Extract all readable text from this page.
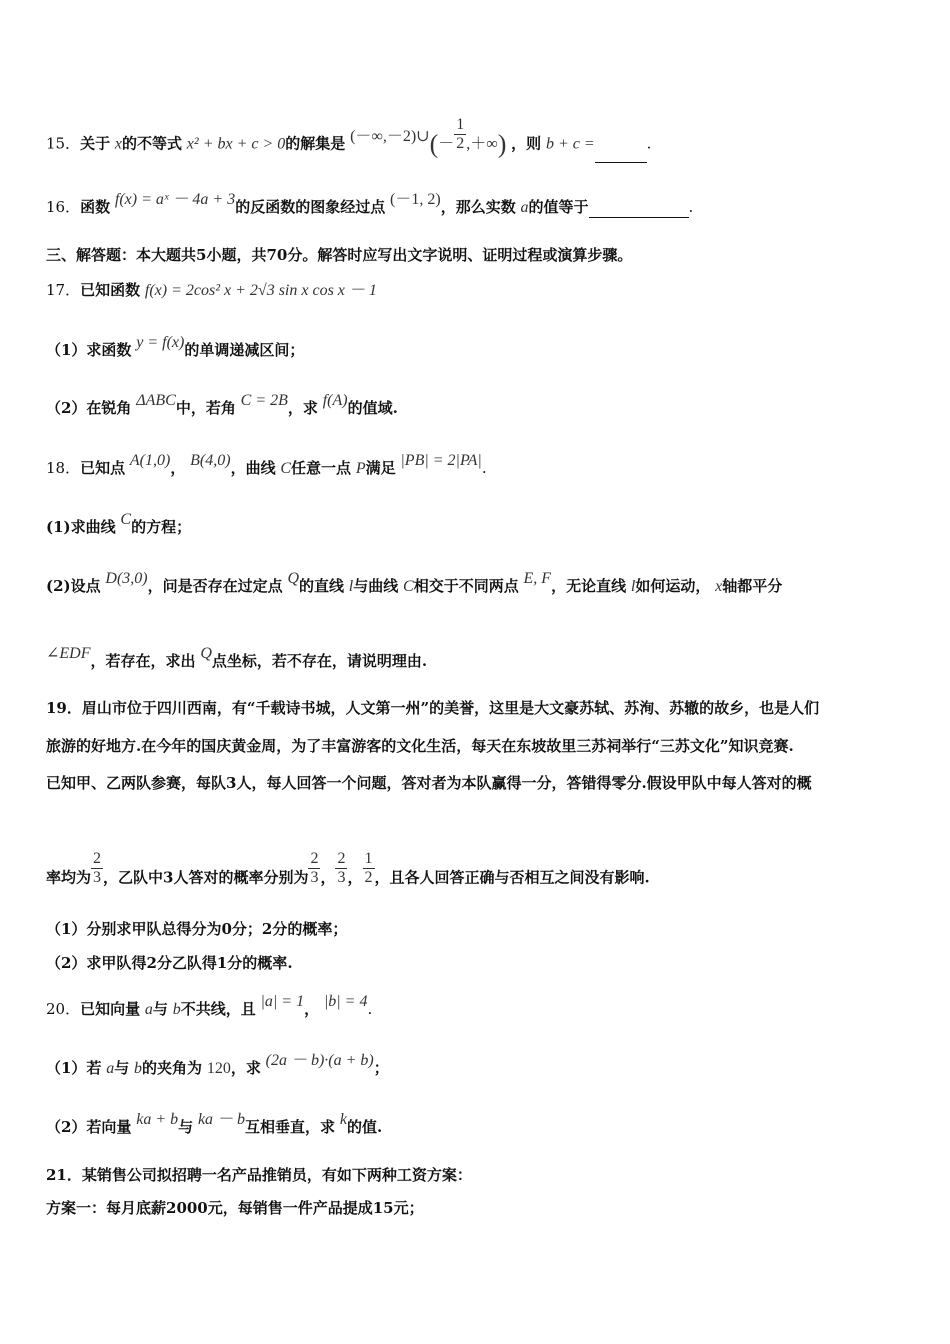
15．关于 x的不等式 x² + bx + c > 0的解集是 (－∞,－2)∪(－ $\frac{1}{2}$ ,＋∞) ，则 b + c =	.
16．函数 f(x) = aˣ － 4a + 3的反函数的图象经过点 (－1, 2)，那么实数 a的值等于	.
三、解答题：本大题共5小题，共70分。解答时应写出文字说明、证明过程或演算步骤。
17．已知函数 f(x) = 2cos² x + 2√3 sin x cos x － 1
（1）求函数 y = f(x)的单调递减区间；
（2）在锐角 ΔABC中，若角 C = 2B，求 f(A)的值域.
18．已知点 A(1,0)， B(4,0)，曲线 C任意一点 P满足 |PB| = 2|PA|.
(1)求曲线 C的方程；
(2)设点 D(3,0)，问是否存在过定点 Q的直线 l与曲线 C相交于不同两点 E, F，无论直线 l如何运动， x轴都平分
∠EDF，若存在，求出 Q点坐标，若不存在，请说明理由.
19．眉山市位于四川西南，有“千载诗书城，人文第一州”的美誉，这里是大文豪苏轼、苏洵、苏辙的故乡，也是人们
旅游的好地方.在今年的国庆黄金周，为了丰富游客的文化生活，每天在东坡故里三苏祠举行“三苏文化”知识竞赛.
已知甲、乙两队参赛，每队3人，每人回答一个问题，答对者为本队赢得一分，答错得零分.假设甲队中每人答对的概
率均为 $\frac{2}{3}$ ，乙队中3人答对的概率分别为 $\frac{2}{3}$ ， $\frac{2}{3}$ ， $\frac{1}{2}$ ，且各人回答正确与否相互之间没有影响.
（1）分别求甲队总得分为0分；2分的概率；
（2）求甲队得2分乙队得1分的概率.
20．已知向量 a与 b不共线，且 |a| = 1， |b| = 4.
（1）若 a与 b的夹角为 120，求 (2a － b)·(a + b)；
（2）若向量 ka + b与 ka － b互相垂直，求 k的值.
21．某销售公司拟招聘一名产品推销员，有如下两种工资方案：
方案一：每月底薪2000元，每销售一件产品提成15元；
